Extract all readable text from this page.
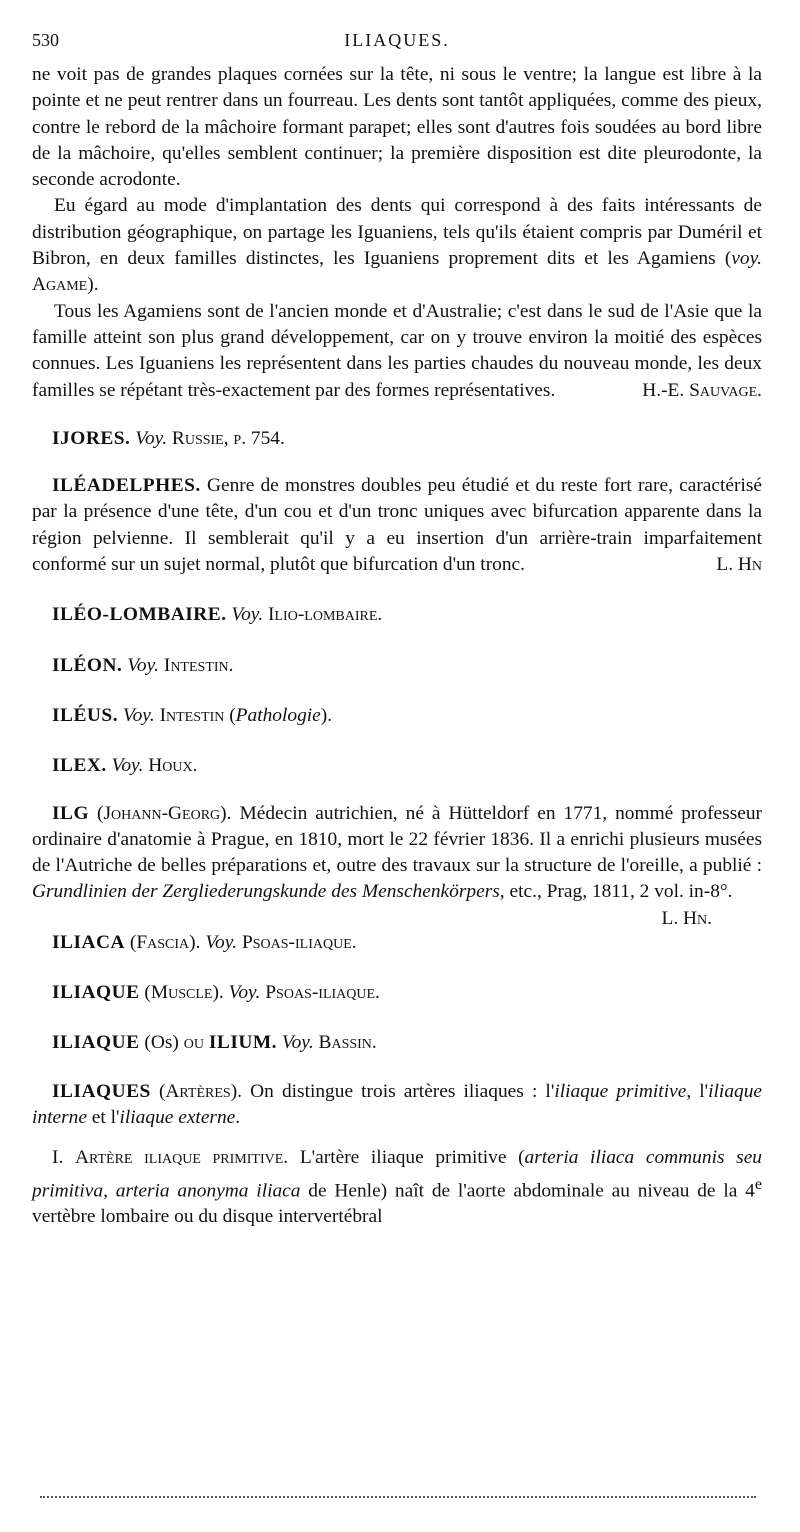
530	ILIAQUES.

ne voit pas de grandes plaques cornées sur la tête, ni sous le ventre; la langue est libre à la pointe et ne peut rentrer dans un fourreau. Les dents sont tantôt appliquées, comme des pieux, contre le rebord de la mâchoire formant parapet; elles sont d'autres fois soudées au bord libre de la mâchoire, qu'elles semblent continuer; la première disposition est dite pleurodonte, la seconde acrodonte.

Eu égard au mode d'implantation des dents qui correspond à des faits intéressants de distribution géographique, on partage les Iguaniens, tels qu'ils étaient compris par Duméril et Bibron, en deux familles distinctes, les Iguaniens proprement dits et les Agamiens (voy. Agame).

Tous les Agamiens sont de l'ancien monde et d'Australie; c'est dans le sud de l'Asie que la famille atteint son plus grand développement, car on y trouve environ la moitié des espèces connues. Les Iguaniens les représentent dans les parties chaudes du nouveau monde, les deux familles se répétant très-exactement par des formes représentatives.	H.-E. Sauvage.

IJORES. Voy. Russie, p. 754.

ILÉADELPHES. Genre de monstres doubles peu étudié et du reste fort rare, caractérisé par la présence d'une tête, d'un cou et d'un tronc uniques avec bifurcation apparente dans la région pelvienne. Il semblerait qu'il y a eu insertion d'un arrière-train imparfaitement conformé sur un sujet normal, plutôt que bifurcation d'un tronc.	L. Hn

ILÉO-LOMBAIRE. Voy. Ilio-lombaire.

ILÉON. Voy. Intestin.

ILÉUS. Voy. Intestin (Pathologie).

ILEX. Voy. Houx.

ILG (Johann-Georg). Médecin autrichien, né à Hütteldorf en 1771, nommé professeur ordinaire d'anatomie à Prague, en 1810, mort le 22 février 1836. Il a enrichi plusieurs musées de l'Autriche de belles préparations et, outre des travaux sur la structure de l'oreille, a publié : Grundlinien der Zergliederungskunde des Menschenkörpers, etc., Prag, 1811, 2 vol. in-8°.
L. Hn.

ILIACA (Fascia). Voy. Psoas-iliaque.

ILIAQUE (Muscle). Voy. Psoas-iliaque.

ILIAQUE (Os) ou ILIUM. Voy. Bassin.

ILIAQUES (Artères). On distingue trois artères iliaques : l'iliaque primitive, l'iliaque interne et l'iliaque externe.

I. Artère iliaque primitive. L'artère iliaque primitive (arteria iliaca communis seu primitiva, arteria anonyma iliaca de Henle) naît de l'aorte abdominale au niveau de la 4e vertèbre lombaire ou du disque intervertébral
